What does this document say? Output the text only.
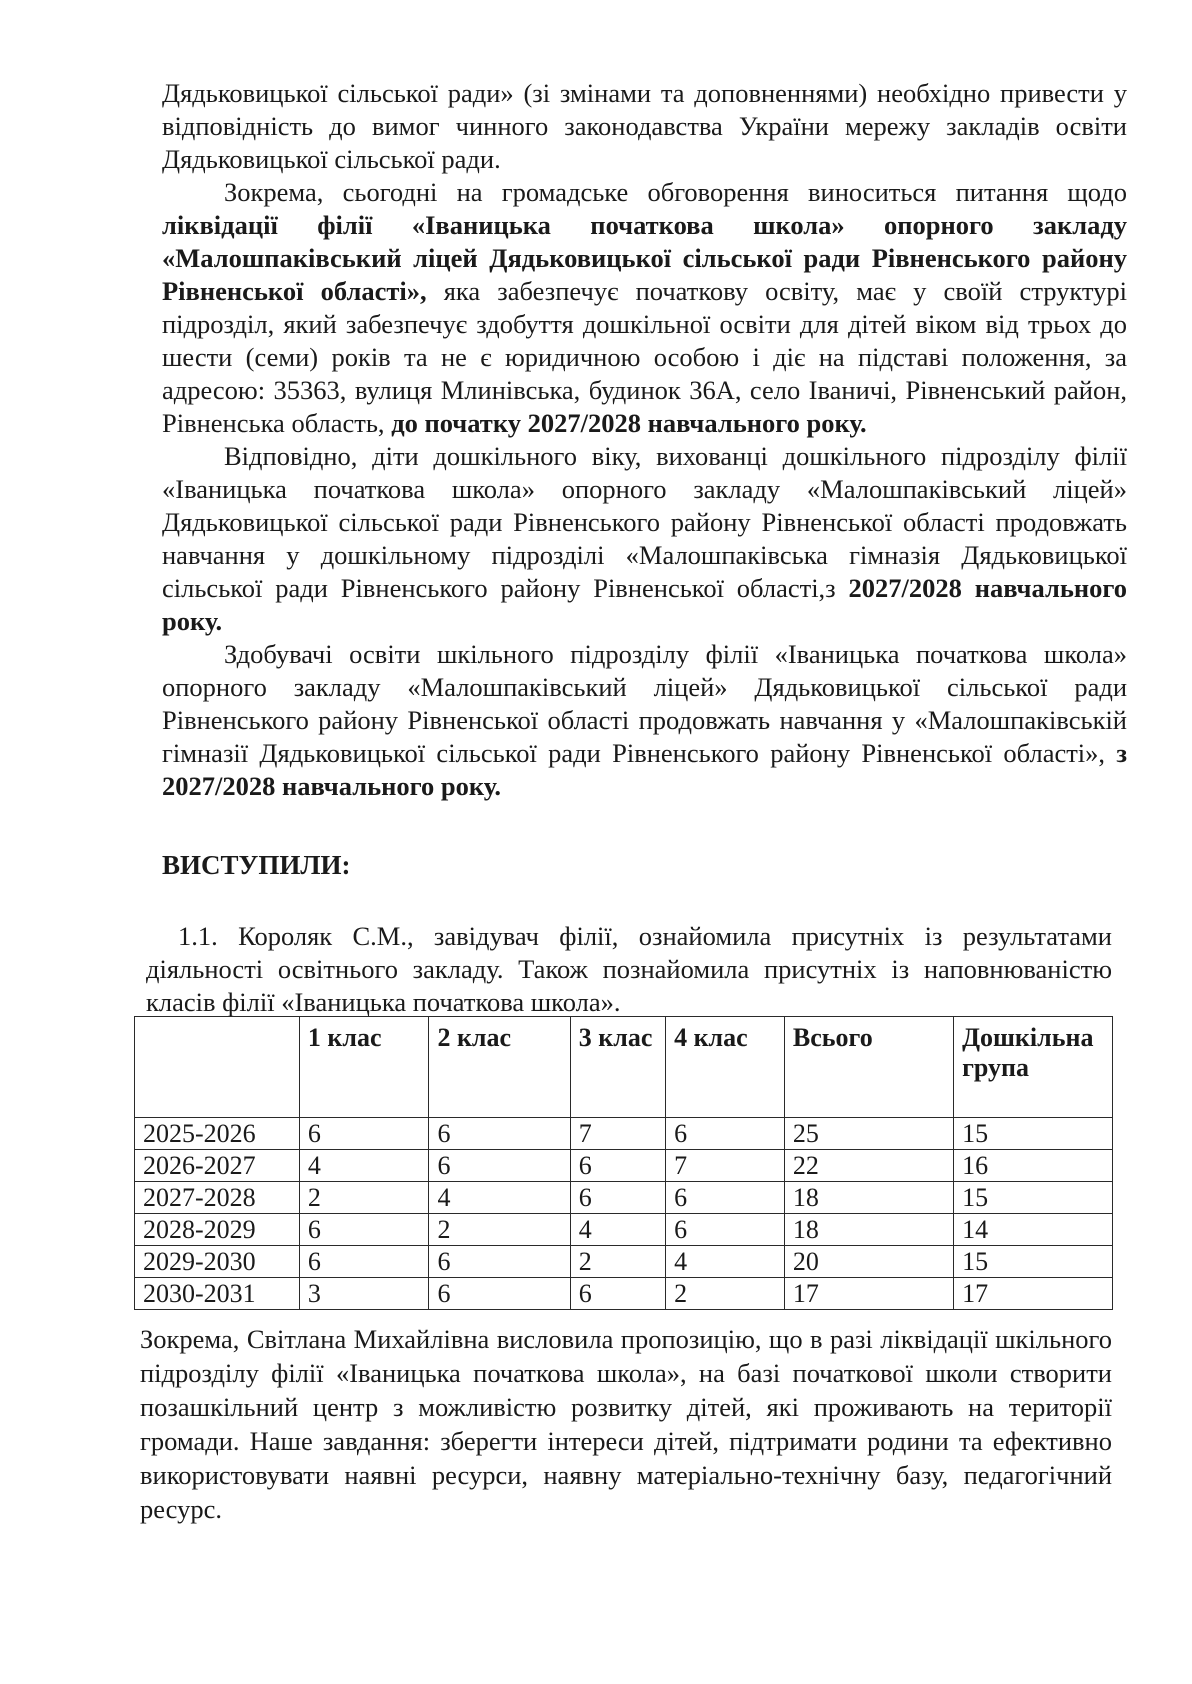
Дядьковицької сільської ради» (зі змінами та доповненнями) необхідно привести у відповідність до вимог чинного законодавства України мережу закладів освіти Дядьковицької сільської ради.

Зокрема, сьогодні на громадське обговорення виноситься питання щодо ліквідації філії «Іваницька початкова школа» опорного закладу «Малошпаківський ліцей Дядьковицької сільської ради Рівненського району Рівненської області», яка забезпечує початкову освіту, має у своїй структурі підрозділ, який забезпечує здобуття дошкільної освіти для дітей віком від трьох до шести (семи) років та не є юридичною особою і діє на підставі положення, за адресою: 35363, вулиця Млинівська, будинок 36А, село Іваничі, Рівненський район, Рівненська область, до початку 2027/2028 навчального року.

Відповідно, діти дошкільного віку, вихованці дошкільного підрозділу філії «Іваницька початкова школа» опорного закладу «Малошпаківський ліцей» Дядьковицької сільської ради Рівненського району Рівненської області продовжать навчання у дошкільному підрозділі «Малошпаківська гімназія Дядьковицької сільської ради Рівненського району Рівненської області,з 2027/2028 навчального року.

Здобувачі освіти шкільного підрозділу філії «Іваницька початкова школа» опорного закладу «Малошпаківський ліцей» Дядьковицької сільської ради Рівненського району Рівненської області продовжать навчання у «Малошпаківській гімназії Дядьковицької сільської ради Рівненського району Рівненської області», з 2027/2028 навчального року.

ВИСТУПИЛИ:

1.1. Короляк С.М., завідувач філії, ознайомила присутніх із результатами діяльності освітнього закладу. Також познайомила присутніх із наповнюваністю класів філії «Іваницька початкова школа».

	1 клас	2 клас	3 клас	4 клас	Всього	Дошкільна група
2025-2026	6	6	7	6	25	15
2026-2027	4	6	6	7	22	16
2027-2028	2	4	6	6	18	15
2028-2029	6	2	4	6	18	14
2029-2030	6	6	2	4	20	15
2030-2031	3	6	6	2	17	17

Зокрема, Світлана Михайлівна висловила пропозицію, що в разі ліквідації шкільного підрозділу філії «Іваницька початкова школа», на базі початкової школи створити позашкільний центр з можливістю розвитку дітей, які проживають на території громади. Наше завдання: зберегти інтереси дітей, підтримати родини та ефективно використовувати наявні ресурси, наявну матеріально-технічну базу, педагогічний ресурс.
